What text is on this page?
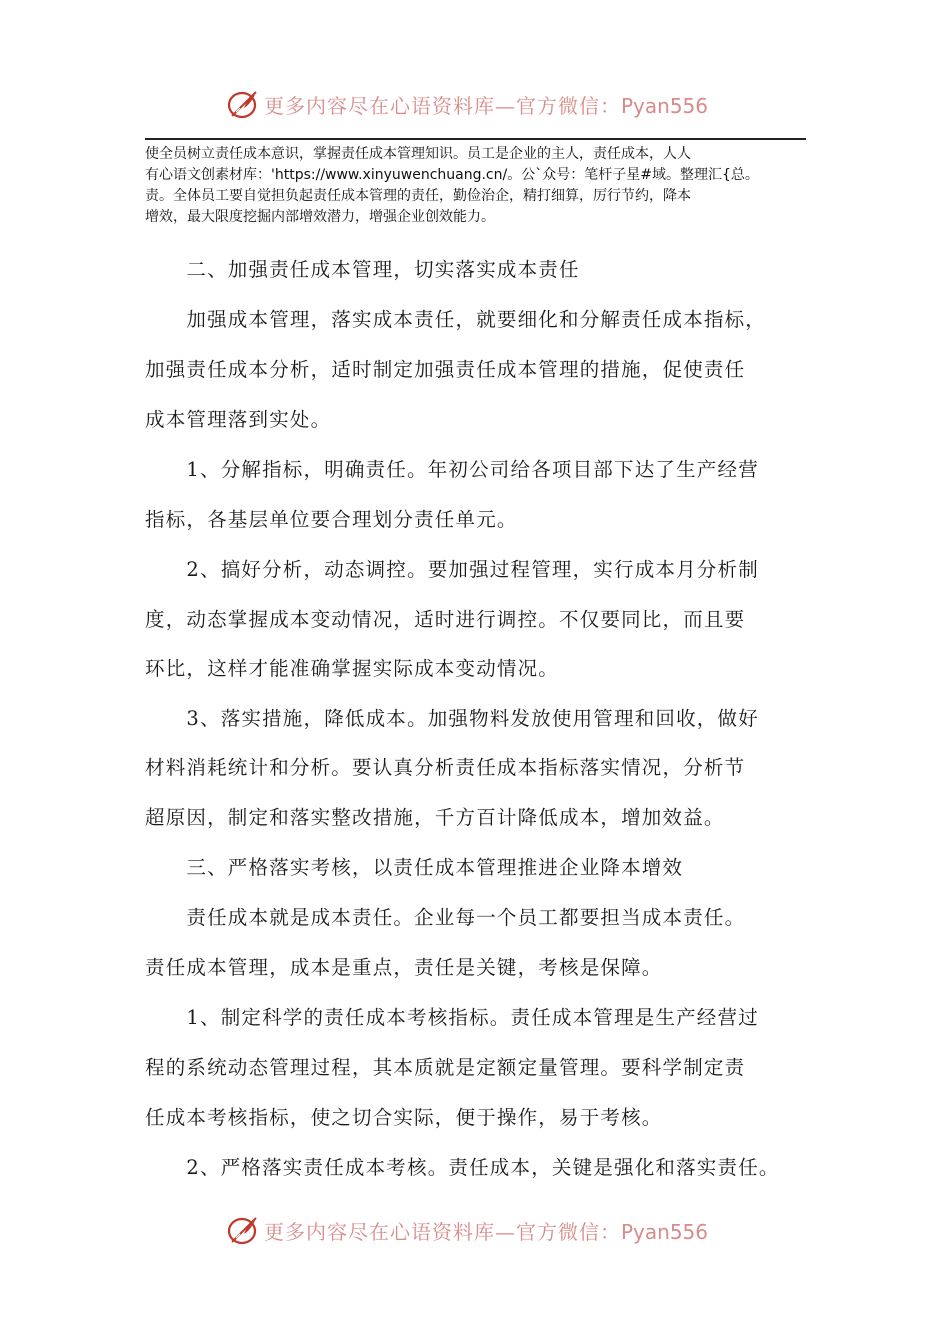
更多内容尽在心语资料库—官方微信：Pyan556
使全员树立责任成本意识，掌握责任成本管理知识。员工是企业的主人，责任成本，人人
有心语文创素材库：'https://www.xinyuwenchuang.cn/。公`众号：笔杆子星#域。整理汇{总。
责。全体员工要自觉担负起责任成本管理的责任，勤俭治企，精打细算，厉行节约，降本
增效，最大限度挖掘内部增效潜力，增强企业创效能力。
　　二、加强责任成本管理，切实落实成本责任
　　加强成本管理，落实成本责任，就要细化和分解责任成本指标，
加强责任成本分析，适时制定加强责任成本管理的措施，促使责任
成本管理落到实处。
　　1、分解指标，明确责任。年初公司给各项目部下达了生产经营
指标，各基层单位要合理划分责任单元。
　　2、搞好分析，动态调控。要加强过程管理，实行成本月分析制
度，动态掌握成本变动情况，适时进行调控。不仅要同比，而且要
环比，这样才能准确掌握实际成本变动情况。
　　3、落实措施，降低成本。加强物料发放使用管理和回收，做好
材料消耗统计和分析。要认真分析责任成本指标落实情况，分析节
超原因，制定和落实整改措施，千方百计降低成本，增加效益。
　　三、严格落实考核，以责任成本管理推进企业降本增效
　　责任成本就是成本责任。企业每一个员工都要担当成本责任。
责任成本管理，成本是重点，责任是关键，考核是保障。
　　1、制定科学的责任成本考核指标。责任成本管理是生产经营过
程的系统动态管理过程，其本质就是定额定量管理。要科学制定责
任成本考核指标，使之切合实际，便于操作，易于考核。
　　2、严格落实责任成本考核。责任成本，关键是强化和落实责任。
更多内容尽在心语资料库—官方微信：Pyan556
